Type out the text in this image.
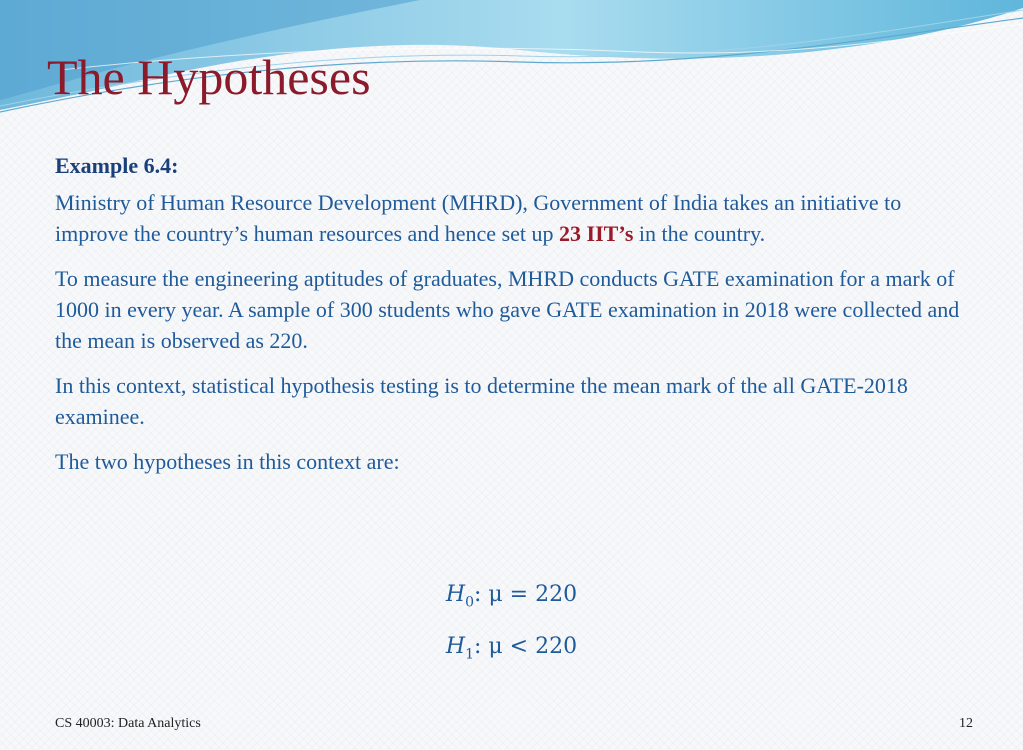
The Hypotheses

Example 6.4:

Ministry of Human Resource Development (MHRD), Government of India takes an initiative to improve the country’s human resources and hence set up 23 IIT’s in the country.

To measure the engineering aptitudes of graduates, MHRD conducts GATE examination for a mark of 1000 in every year. A sample of 300 students who gave GATE examination in 2018 were collected and the mean is observed as 220.

In this context, statistical hypothesis testing is to determine the mean mark of the all GATE-2018 examinee.

The two hypotheses in this context are:

$H_0$: μ = 220
$H_1$: μ < 220
CS 40003: Data Analytics	12
